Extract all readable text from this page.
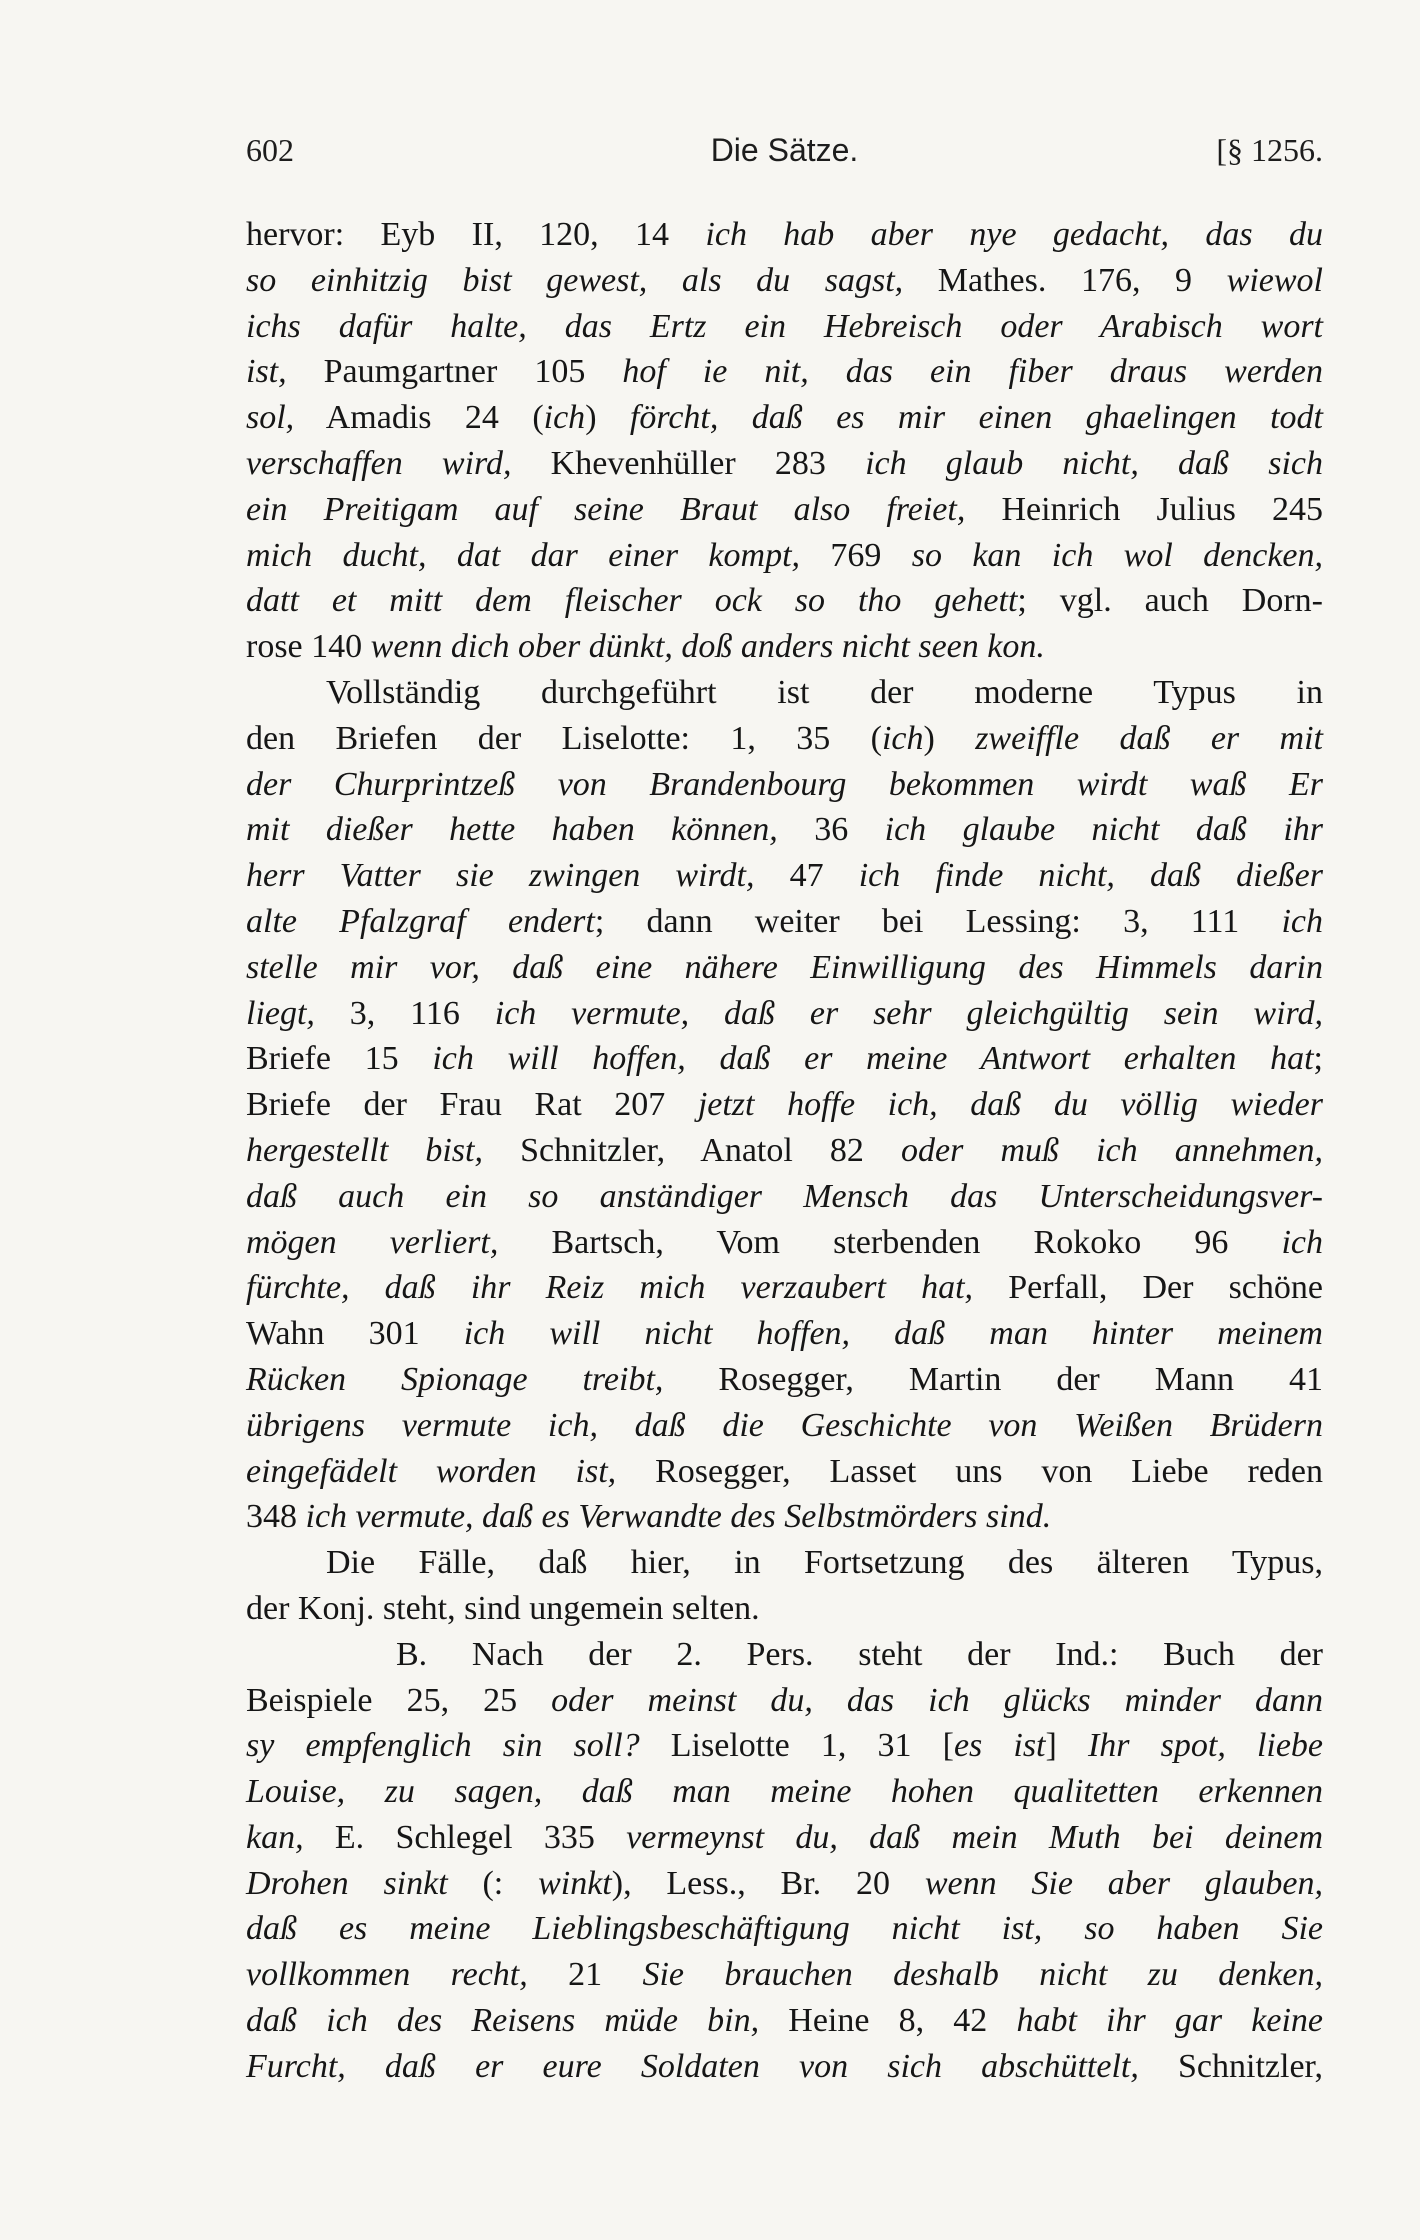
602	Die Sätze.	[§ 1256.
hervor: Eyb II, 120, 14 ich hab aber nye gedacht, das du
so einhitzig bist gewest, als du sagst, Mathes. 176, 9 wiewol
ichs dafür halte, das Ertz ein Hebreisch oder Arabisch wort
ist, Paumgartner 105 hof ie nit, das ein fiber draus werden
sol, Amadis 24 (ich) förcht, daß es mir einen ghaelingen todt
verschaffen wird, Khevenhüller 283 ich glaub nicht, daß sich
ein Preitigam auf seine Braut also freiet, Heinrich Julius 245
mich ducht, dat dar einer kompt, 769 so kan ich wol dencken,
datt et mitt dem fleischer ock so tho gehett; vgl. auch Dorn-
rose 140 wenn dich ober dünkt, doß anders nicht seen kon.
Vollständig durchgeführt ist der moderne Typus in
den Briefen der Liselotte: 1, 35 (ich) zweiffle daß er mit
der Churprintzeß von Brandenbourg bekommen wirdt waß Er
mit dießer hette haben können, 36 ich glaube nicht daß ihr
herr Vatter sie zwingen wirdt, 47 ich finde nicht, daß dießer
alte Pfalzgraf endert; dann weiter bei Lessing: 3, 111 ich
stelle mir vor, daß eine nähere Einwilligung des Himmels darin
liegt, 3, 116 ich vermute, daß er sehr gleichgültig sein wird,
Briefe 15 ich will hoffen, daß er meine Antwort erhalten hat;
Briefe der Frau Rat 207 jetzt hoffe ich, daß du völlig wieder
hergestellt bist, Schnitzler, Anatol 82 oder muß ich annehmen,
daß auch ein so anständiger Mensch das Unterscheidungsver-
mögen verliert, Bartsch, Vom sterbenden Rokoko 96 ich
fürchte, daß ihr Reiz mich verzaubert hat, Perfall, Der schöne
Wahn 301 ich will nicht hoffen, daß man hinter meinem
Rücken Spionage treibt, Rosegger, Martin der Mann 41
übrigens vermute ich, daß die Geschichte von Weißen Brüdern
eingefädelt worden ist, Rosegger, Lasset uns von Liebe reden
348 ich vermute, daß es Verwandte des Selbstmörders sind.
Die Fälle, daß hier, in Fortsetzung des älteren Typus,
der Konj. steht, sind ungemein selten.
B. Nach der 2. Pers. steht der Ind.: Buch der
Beispiele 25, 25 oder meinst du, das ich glücks minder dann
sy empfenglich sin soll? Liselotte 1, 31 [es ist] Ihr spot, liebe
Louise, zu sagen, daß man meine hohen qualitetten erkennen
kan, E. Schlegel 335 vermeynst du, daß mein Muth bei deinem
Drohen sinkt (: winkt), Less., Br. 20 wenn Sie aber glauben,
daß es meine Lieblingsbeschäftigung nicht ist, so haben Sie
vollkommen recht, 21 Sie brauchen deshalb nicht zu denken,
daß ich des Reisens müde bin, Heine 8, 42 habt ihr gar keine
Furcht, daß er eure Soldaten von sich abschüttelt, Schnitzler,
